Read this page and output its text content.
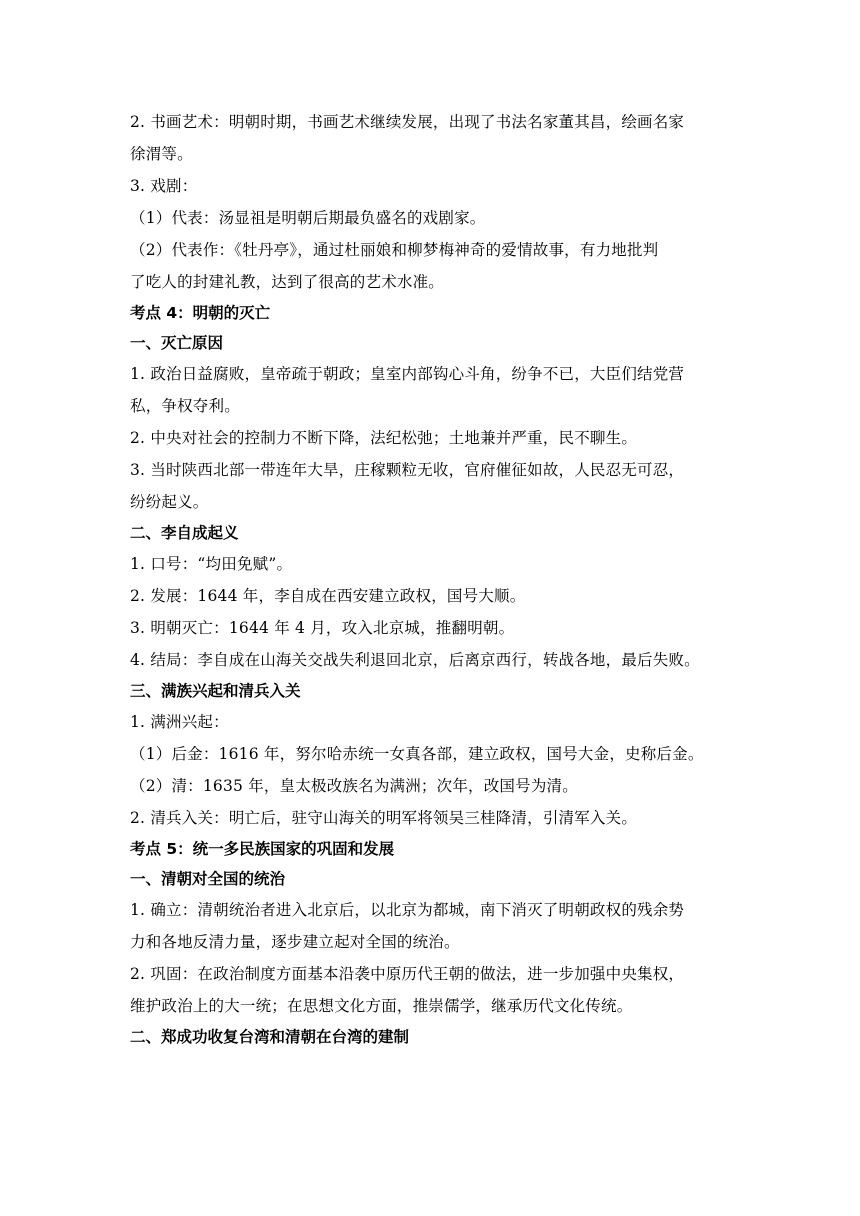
2. 书画艺术：明朝时期，书画艺术继续发展，出现了书法名家董其昌，绘画名家
徐渭等。
3. 戏剧：
（1）代表：汤显祖是明朝后期最负盛名的戏剧家。
（2）代表作：《牡丹亭》，通过杜丽娘和柳梦梅神奇的爱情故事，有力地批判
了吃人的封建礼教，达到了很高的艺术水准。
考点 4：明朝的灭亡
一、灭亡原因
1. 政治日益腐败，皇帝疏于朝政；皇室内部钩心斗角，纷争不已，大臣们结党营
私，争权夺利。
2. 中央对社会的控制力不断下降，法纪松弛；土地兼并严重，民不聊生。
3. 当时陕西北部一带连年大旱，庄稼颗粒无收，官府催征如故，人民忍无可忍，
纷纷起义。
二、李自成起义
1. 口号：“均田免赋”。
2. 发展：1644 年，李自成在西安建立政权，国号大顺。
3. 明朝灭亡：1644 年 4 月，攻入北京城，推翻明朝。
4. 结局：李自成在山海关交战失利退回北京，后离京西行，转战各地，最后失败。
三、满族兴起和清兵入关
1. 满洲兴起：
（1）后金：1616 年，努尔哈赤统一女真各部，建立政权，国号大金，史称后金。
（2）清：1635 年，皇太极改族名为满洲；次年，改国号为清。
2. 清兵入关：明亡后，驻守山海关的明军将领吴三桂降清，引清军入关。
考点 5：统一多民族国家的巩固和发展
一、清朝对全国的统治
1. 确立：清朝统治者进入北京后，以北京为都城，南下消灭了明朝政权的残余势
力和各地反清力量，逐步建立起对全国的统治。
2. 巩固：在政治制度方面基本沿袭中原历代王朝的做法，进一步加强中央集权，
维护政治上的大一统；在思想文化方面，推崇儒学，继承历代文化传统。
二、郑成功收复台湾和清朝在台湾的建制
